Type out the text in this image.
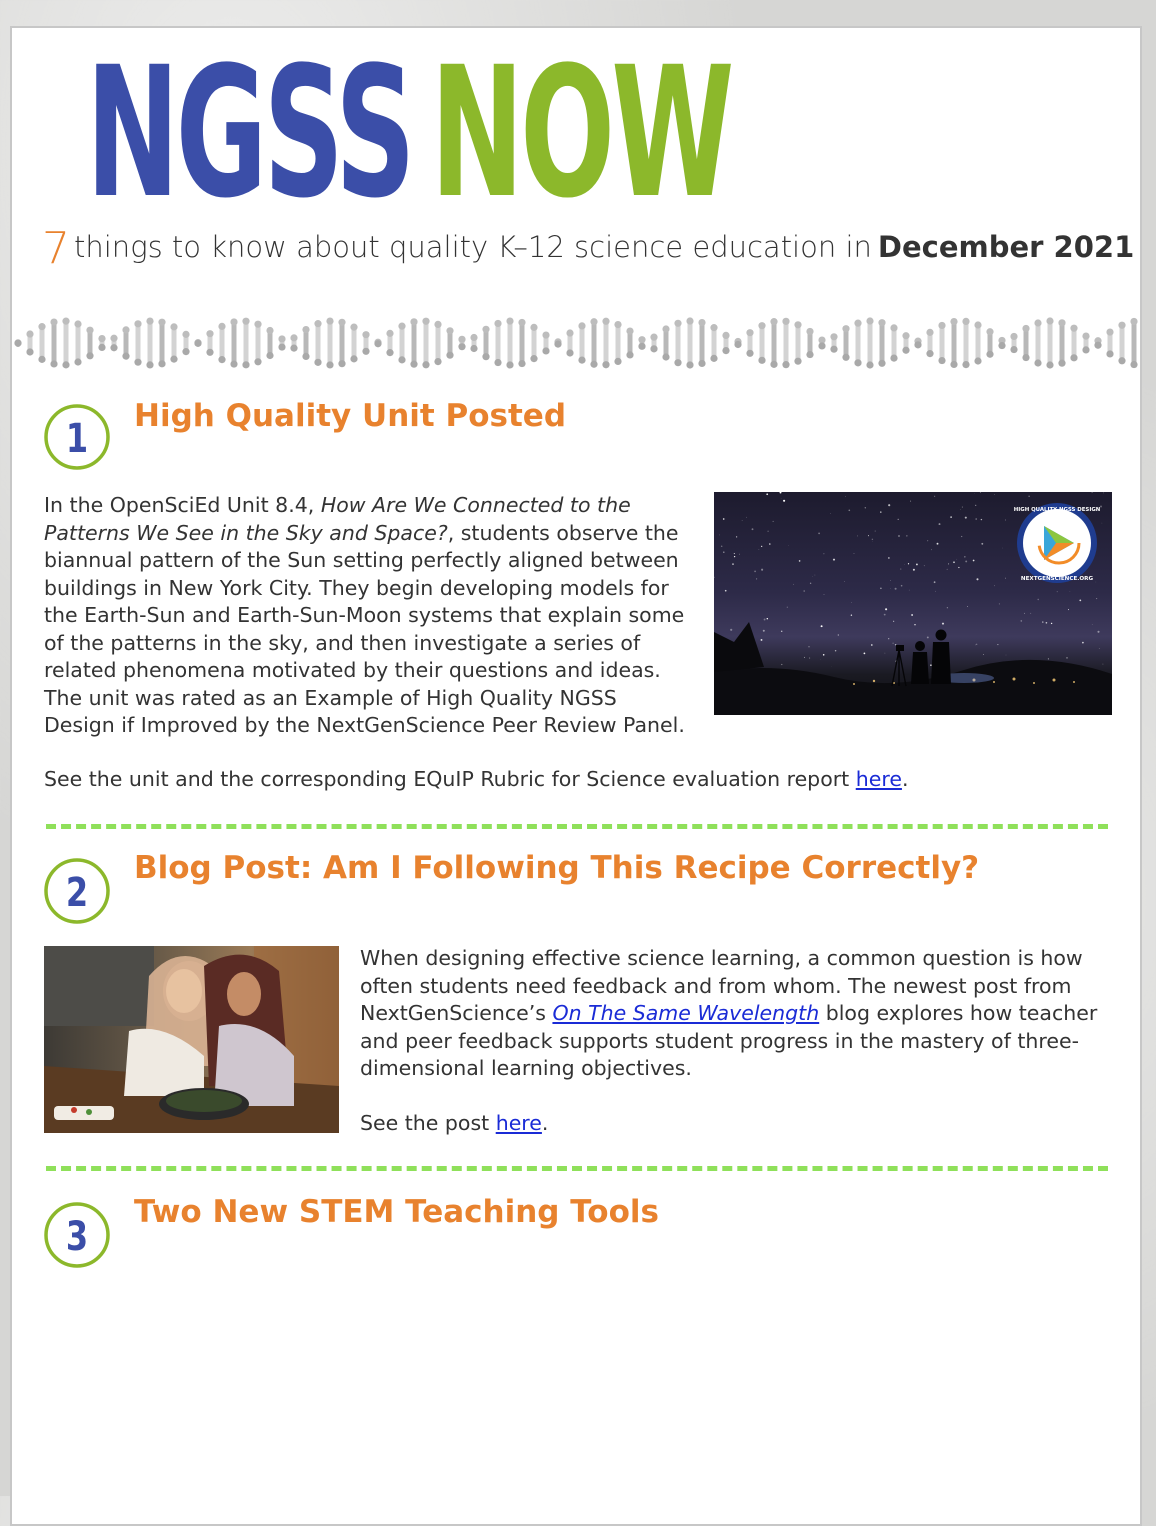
NGSS NOW
7 things to know about quality K–12 science education in December 2021
1 High Quality Unit Posted
In the OpenSciEd Unit 8.4, How Are We Connected to the Patterns We See in the Sky and Space?, students observe the biannual pattern of the Sun setting perfectly aligned between buildings in New York City. They begin developing models for the Earth-Sun and Earth-Sun-Moon systems that explain some of the patterns in the sky, and then investigate a series of related phenomena motivated by their questions and ideas. The unit was rated as an Example of High Quality NGSS Design if Improved by the NextGenScience Peer Review Panel.
See the unit and the corresponding EQuIP Rubric for Science evaluation report here.
NEXTGENSCIENCE.ORG
HIGH QUALITY NGSS DESIGN
2
Blog Post: Am I Following This Recipe Correctly?
When designing effective science learning, a common question is how often students need feedback and from whom. The newest post from NextGenScience’s On The Same Wavelength blog explores how teacher and peer feedback supports student progress in the mastery of three-dimensional learning objectives.
See the post here.
3
Two New STEM Teaching Tools
